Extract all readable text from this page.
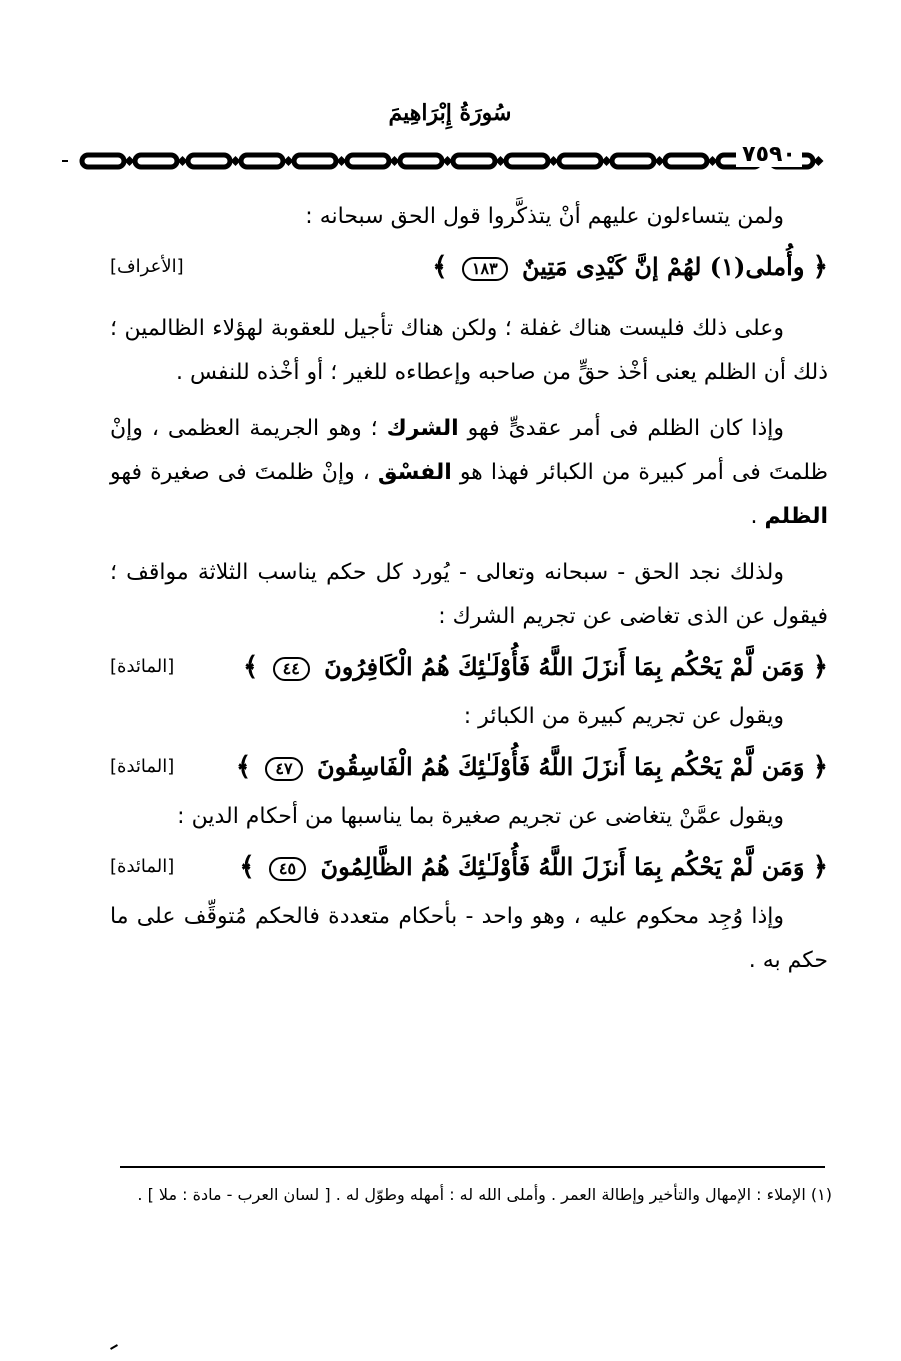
سُورَةُ إِبْرَاهِيمَ
٧٥٩٠

ولمن يتساءلون عليهم أنْ يتذكَّروا قول الحق سبحانه :

﴿ وأُملى(١) لهُمْ إنَّ كَيْدِى مَتِينٌ ١٨٣ ﴾
[الأعراف]

وعلى ذلك فليست هناك غفلة ؛ ولكن هناك تأجيل للعقوبة لهؤلاء الظالمين ؛ ذلك أن الظلم يعنى أخْذ حقٍّ من صاحبه وإعطاءه للغير ؛ أو أخْذه للنفس .

وإذا كان الظلم فى أمر عقدىٍّ فهو الشرك ؛ وهو الجريمة العظمى ، وإنْ ظلمتَ فى أمر كبيرة من الكبائر فهذا هو الفسْق ، وإنْ ظلمتَ فى صغيرة فهو الظلم .

ولذلك نجد الحق - سبحانه وتعالى - يُورد كل حكم يناسب الثلاثة مواقف ؛ فيقول عن الذى تغاضى عن تجريم الشرك :

﴿ وَمَن لَّمْ يَحْكُم بِمَا أَنزَلَ اللَّهُ فَأُوْلَـٰئِكَ هُمُ الْكَافِرُونَ ٤٤ ﴾
[المائدة]

ويقول عن تجريم كبيرة من الكبائر :

﴿ وَمَن لَّمْ يَحْكُم بِمَا أَنزَلَ اللَّهُ فَأُوْلَـٰئِكَ هُمُ الْفَاسِقُونَ ٤٧ ﴾
[المائدة]

ويقول عمَّنْ يتغاضى عن تجريم صغيرة بما يناسبها من أحكام الدين :

﴿ وَمَن لَّمْ يَحْكُم بِمَا أَنزَلَ اللَّهُ فَأُوْلَـٰئِكَ هُمُ الظَّالِمُونَ ٤٥ ﴾
[المائدة]

وإذا وُجِد محكوم عليه ، وهو واحد - بأحكام متعددة فالحكم مُتوقِّف على ما حكم به .

(١) الإملاء : الإمهال والتأخير وإطالة العمر . وأملى الله له : أمهله وطوّل له . [ لسان العرب - مادة : ملا ] .
